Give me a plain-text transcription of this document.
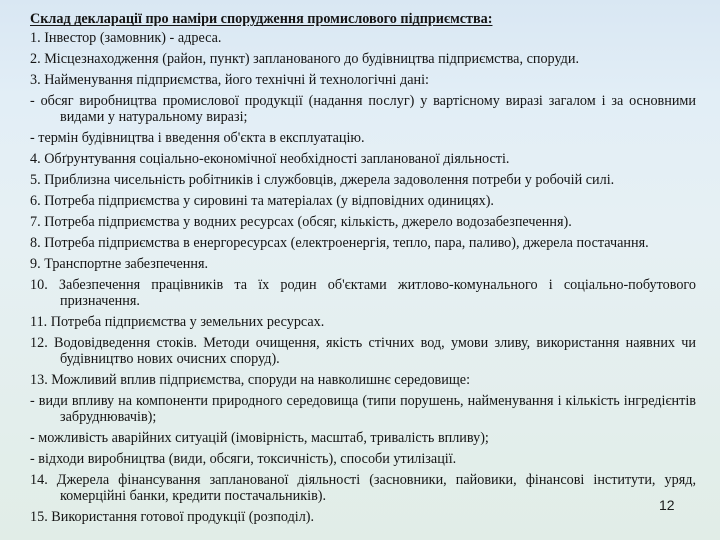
Склад декларації про наміри спорудження промислового підприємства:
1. Інвестор (замовник) - адреса.
2. Місцезнаходження (район, пункт) запланованого до будівництва підприємства, споруди.
3. Найменування підприємства, його технічні й технологічні дані:
- обсяг виробництва промислової продукції (надання послуг) у вартісному виразі загалом і за основними видами у натуральному виразі;
- термін будівництва і введення об'єкта в експлуатацію.
4. Обґрунтування соціально-економічної необхідності запланованої діяльності.
5. Приблизна чисельність робітників і службовців, джерела задоволення потреби у робочій силі.
6. Потреба підприємства у сировині та матеріалах (у відповідних одиницях).
7. Потреба підприємства у водних ресурсах (обсяг, кількість, джерело водозабезпечення).
8. Потреба підприємства в енергоресурсах (електроенергія, тепло, пара, паливо), джерела постачання.
9. Транспортне забезпечення.
10. Забезпечення працівників та їх родин об'єктами житлово-комунального і соціально-побутового призначення.
11. Потреба підприємства у земельних ресурсах.
12. Водовідведення стоків. Методи очищення, якість стічних вод, умови зливу, використання наявних чи будівництво нових очисних споруд).
13. Можливий вплив підприємства, споруди на навколишнє середовище:
- види впливу на компоненти природного середовища (типи порушень, найменування і кількість інгредієнтів забруднювачів);
- можливість аварійних ситуацій (імовірність, масштаб, тривалість впливу);
- відходи виробництва (види, обсяги, токсичність), способи утилізації.
14. Джерела фінансування запланованої діяльності (засновники, пайовики, фінансові інститути, уряд, комерційні банки, кредити постачальників).
15. Використання готової продукції (розподіл).
12
